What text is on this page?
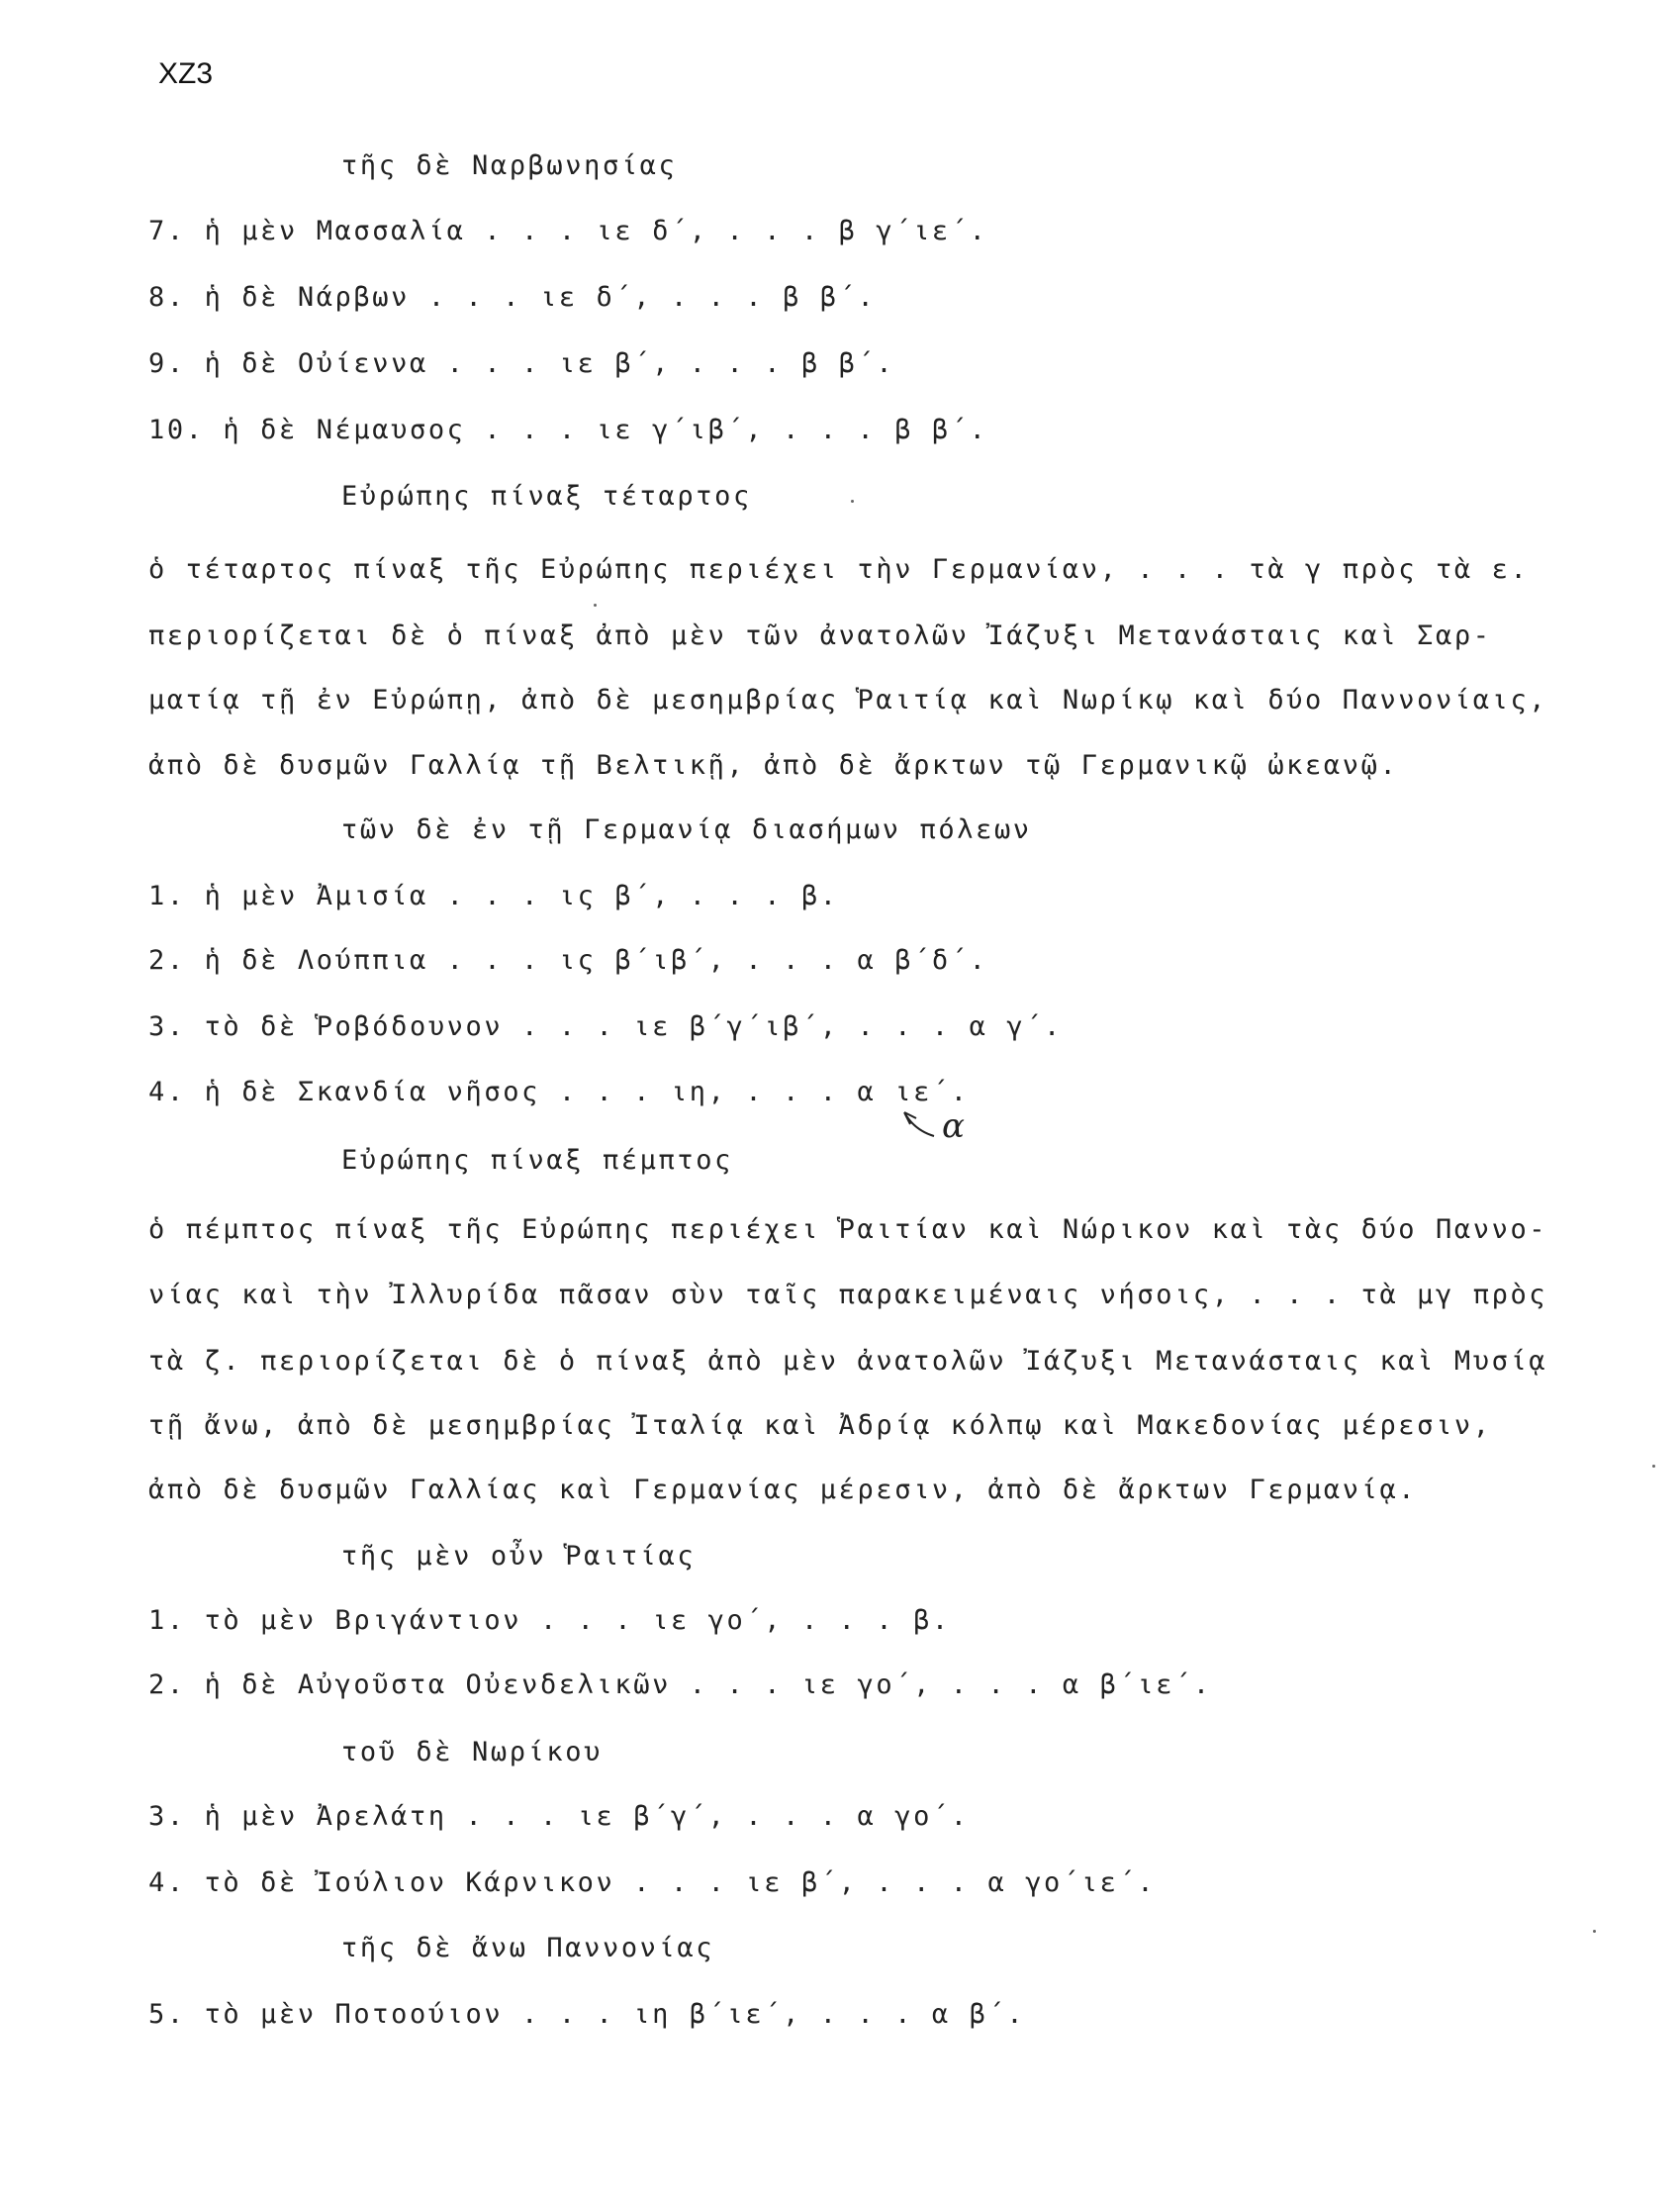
XZ3
τῆς δὲ Ναρβωνησίας
7. ἡ μὲν Μασσαλία . . . ιε δ΄, . . . β γ΄ιε΄.
8. ἡ δὲ Νάρβων . . . ιε δ΄, . . . β β΄.
9. ἡ δὲ Οὐίεννα . . . ιε β΄, . . . β β΄.
10. ἡ δὲ Νέμαυσος . . . ιε γ΄ιβ΄, . . . β β΄.
Εὐρώπης πίναξ τέταρτος
ὁ τέταρτος πίναξ τῆς Εὐρώπης περιέχει τὴν Γερμανίαν, . . . τὰ γ πρὸς τὰ ε.
περιορίζεται δὲ ὁ πίναξ ἀπὸ μὲν τῶν ἀνατολῶν Ἰάζυξι Μετανάσταις καὶ Σαρ-
ματίᾳ τῇ ἐν Εὐρώπῃ, ἀπὸ δὲ μεσημβρίας Ῥαιτίᾳ καὶ Νωρίκῳ καὶ δύο Παννονίαις,
ἀπὸ δὲ δυσμῶν Γαλλίᾳ τῇ Βελτικῇ, ἀπὸ δὲ ἄρκτων τῷ Γερμανικῷ ὠκεανῷ.
τῶν δὲ ἐν τῇ Γερμανίᾳ διασήμων πόλεων
1. ἡ μὲν Ἀμισία . . . ις β΄, . . . β.
2. ἡ δὲ Λούππια . . . ις β΄ιβ΄, . . . α β΄δ΄.
3. τὸ δὲ Ῥοβόδουνον . . . ιε β΄γ΄ιβ΄, . . . α γ΄.
4. ἡ δὲ Σκανδία νῆσος . . . ιη, . . . α ιε΄.
Εὐρώπης πίναξ πέμπτος
ὁ πέμπτος πίναξ τῆς Εὐρώπης περιέχει Ῥαιτίαν καὶ Νώρικον καὶ τὰς δύο Παννο-
νίας καὶ τὴν Ἰλλυρίδα πᾶσαν σὺν ταῖς παρακειμέναις νήσοις, . . . τὰ μγ πρὸς
τὰ ζ. περιορίζεται δὲ ὁ πίναξ ἀπὸ μὲν ἀνατολῶν Ἰάζυξι Μετανάσταις καὶ Μυσίᾳ
τῇ ἄνω, ἀπὸ δὲ μεσημβρίας Ἰταλίᾳ καὶ Ἀδρίᾳ κόλπῳ καὶ Μακεδονίας μέρεσιν,
ἀπὸ δὲ δυσμῶν Γαλλίας καὶ Γερμανίας μέρεσιν, ἀπὸ δὲ ἄρκτων Γερμανίᾳ.
τῆς μὲν οὖν Ῥαιτίας
1. τὸ μὲν Βριγάντιον . . . ιε γο΄, . . . β.
2. ἡ δὲ Αὐγοῦστα Οὐενδελικῶν . . . ιε γο΄, . . . α β΄ιε΄.
τοῦ δὲ Νωρίκου
3. ἡ μὲν Ἀρελάτη . . . ιε β΄γ΄, . . . α γο΄.
4. τὸ δὲ Ἰούλιον Κάρνικον . . . ιε β΄, . . . α γο΄ιε΄.
τῆς δὲ ἄνω Παννονίας
5. τὸ μὲν Ποτοούιον . . . ιη β΄ιε΄, . . . α β΄.
α
